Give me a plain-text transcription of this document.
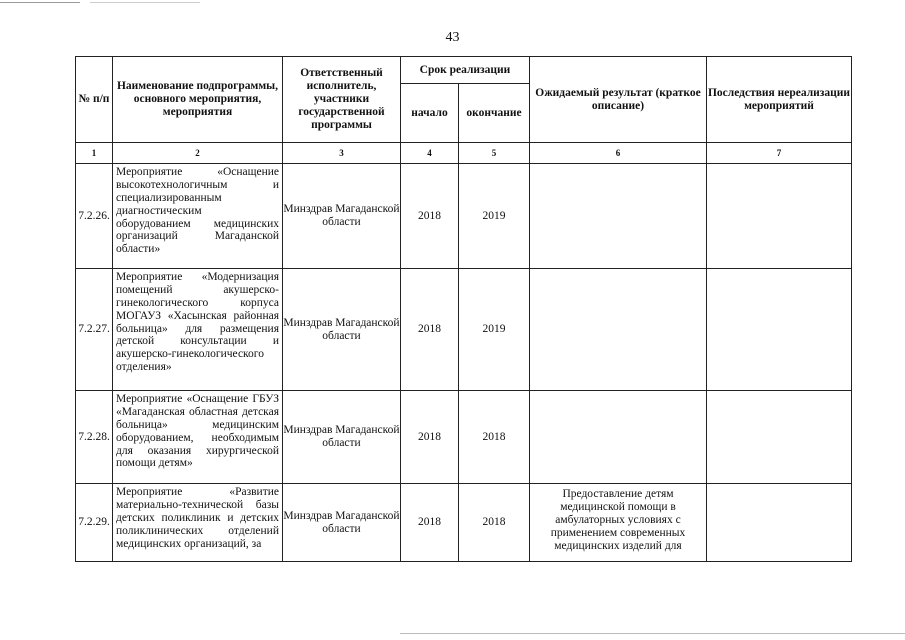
43
№ п/п	Наименование подпрограммы, основного мероприятия, мероприятия	Ответственный исполнитель, участники государственной программы	Срок реализации		Ожидаемый результат (краткое описание)	Последствия нереализации мероприятий
			начало	окончание		
1	2	3	4	5	6	7
7.2.26.	Мероприятие «Оснащение высокотехнологичным и специализированным диагностическим оборудованием медицинских организаций Магаданской области»	Минздрав Магаданской области	2018	2019		
7.2.27.	Мероприятие «Модернизация помещений акушерско-гинекологического корпуса МОГАУЗ «Хасынская районная больница» для размещения детской консультации и акушерско-гинекологического отделения»	Минздрав Магаданской области	2018	2019		
7.2.28.	Мероприятие «Оснащение ГБУЗ «Магаданская областная детская больница» медицинским оборудованием, необходимым для оказания хирургической помощи детям»	Минздрав Магаданской области	2018	2018		
7.2.29.	Мероприятие «Развитие материально-технической базы детских поликлиник и детских поликлинических отделений медицинских организаций, за	Минздрав Магаданской области	2018	2018	Предоставление детям медицинской помощи в амбулаторных условиях с применением современных медицинских изделий для	
